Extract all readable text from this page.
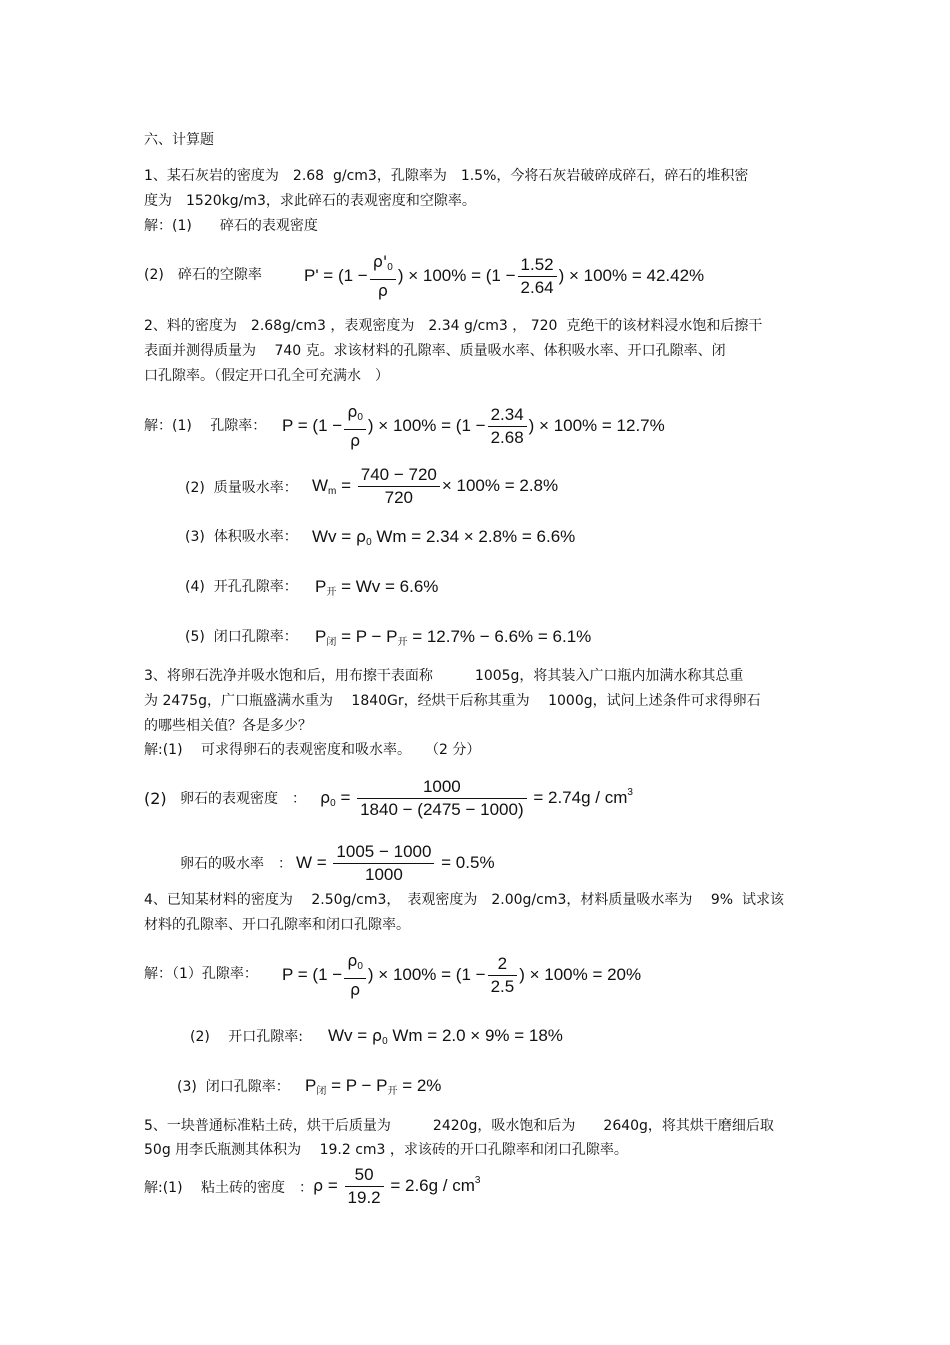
六、计算题
1、某石灰岩的密度为　2.68  g/cm3，孔隙率为　1.5%，今将石灰岩破碎成碎石，碎石的堆积密
度为　1520kg/m3，求此碎石的表观密度和空隙率。
解：(1)　　碎石的表观密度
(2)　碎石的空隙率 $P' = (1 - \frac{\rho'_0}{\rho}$ ) × $100\% = (1 - \frac{1.52}{2.64}$ ) × 100% = 42.42%
2、料的密度为　2.68g/cm3 ，表观密度为　2.34 g/cm3 ， 720  克绝干的该材料浸水饱和后擦干
表面并测得质量为　 740 克。求该材料的孔隙率、质量吸水率、体积吸水率、开口孔隙率、闭
口孔隙率。（假定开口孔全可充满水　）
解：(1)　 孔隙率： $P = (1 - \frac{\rho_0}{\rho}$ ) × $100\% = (1 - \frac{2.34}{2.68}$ ) × 100% = 12.7%
(2)  质量吸水率： $W_m = \frac{740 - 720}{720} \times 100\% = 2.8\%$
(3)  体积吸水率： $Wv = \rho_0$ Wm = 2.34 × 2.8% = 6.6%
(4)  开孔孔隙率： $P_开 = Wv = 6.6\%$
(5)  闭口孔隙率： $P_闭 = P - P_开 = 12.7\% - 6.6\% = 6.1\%$
3、将卵石洗净并吸水饱和后，用布擦干表面称　　　1005g，将其装入广口瓶内加满水称其总重
为 2475g，广口瓶盛满水重为　 1840Gr，经烘干后称其重为　 1000g，试问上述条件可求得卵石
的哪些相关值？各是多少？
解:(1)　 可求得卵石的表观密度和吸水率。　　（2 分）
(2) 卵石的表观密度　： $\rho_0 = \frac{1000}{1840 - (2475 - 1000)} = 2.74g / cm^3$
卵石的吸水率　： $W = \frac{1005 - 1000}{1000} = 0.5\%$
4、已知某材料的密度为　 2.50g/cm3，　表观密度为　2.00g/cm3，材料质量吸水率为　 9%  试求该
材料的孔隙率、开口孔隙率和闭口孔隙率。
解：（1）孔隙率： $P = (1 - \frac{\rho_0}{\rho}$ ) × $100\% = (1 - \frac{2}{2.5}$ ) × 100% = 20%
(2)　 开口孔隙率: $Wv = \rho_0$ Wm = 2.0 × 9% = 18%
(3)  闭口孔隙率： $P_闭 = P - P_开 = 2\%$
5、一块普通标准粘土砖，烘干后质量为　　　2420g，吸水饱和后为　　2640g，将其烘干磨细后取
50g 用李氏瓶测其体积为　 19.2 cm3 ，求该砖的开口孔隙率和闭口孔隙率。
解:(1)　 粘土砖的密度　： $\rho = \frac{50}{19.2} = 2.6g / cm^3$
